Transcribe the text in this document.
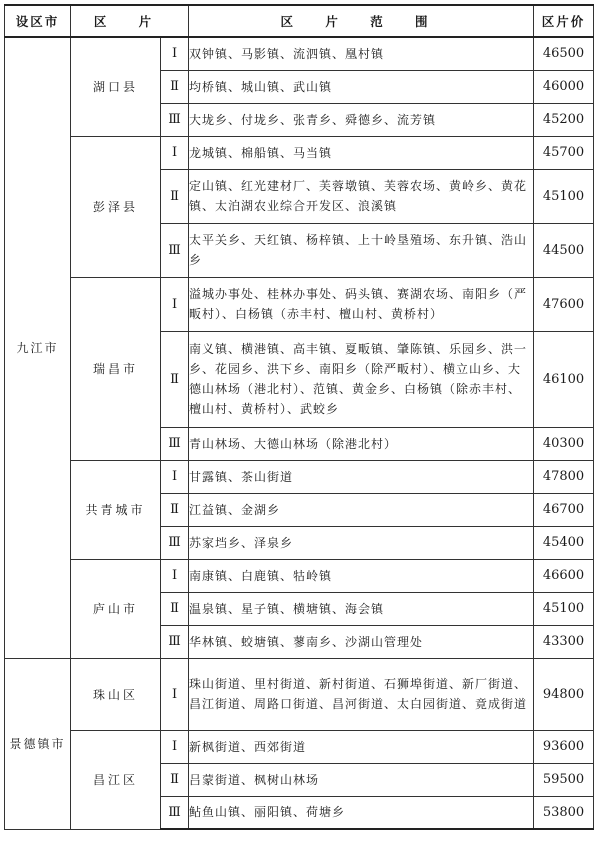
设区市	区 片		区 片 范 围	区片价
九江市	湖口县	Ⅰ	双钟镇、马影镇、流泗镇、凰村镇	46500
		Ⅱ	均桥镇、城山镇、武山镇	46000
		Ⅲ	大垅乡、付垅乡、张青乡、舜德乡、流芳镇	45200
	彭泽县	Ⅰ	龙城镇、棉船镇、马当镇	45700
		Ⅱ	定山镇、红光建材厂、芙蓉墩镇、芙蓉农场、黄岭乡、黄花镇、太泊湖农业综合开发区、浪溪镇	45100
		Ⅲ	太平关乡、天红镇、杨梓镇、上十岭垦殖场、东升镇、浩山乡	44500
	瑞昌市	Ⅰ	溢城办事处、桂林办事处、码头镇、赛湖农场、南阳乡（严畈村）、白杨镇（赤丰村、檀山村、黄桥村）	47600
		Ⅱ	南义镇、横港镇、高丰镇、夏畈镇、肇陈镇、乐园乡、洪一乡、花园乡、洪下乡、南阳乡（除严畈村）、横立山乡、大德山林场（港北村）、范镇、黄金乡、白杨镇（除赤丰村、檀山村、黄桥村）、武蛟乡	46100
		Ⅲ	青山林场、大德山林场（除港北村）	40300
	共青城市	Ⅰ	甘露镇、茶山街道	47800
		Ⅱ	江益镇、金湖乡	46700
		Ⅲ	苏家垱乡、泽泉乡	45400
	庐山市	Ⅰ	南康镇、白鹿镇、牯岭镇	46600
		Ⅱ	温泉镇、星子镇、横塘镇、海会镇	45100
		Ⅲ	华林镇、蛟塘镇、蓼南乡、沙湖山管理处	43300
景德镇市	珠山区	Ⅰ	珠山街道、里村街道、新村街道、石狮埠街道、新厂街道、昌江街道、周路口街道、昌河街道、太白园街道、竟成街道	94800
	昌江区	Ⅰ	新枫街道、西郊街道	93600
		Ⅱ	吕蒙街道、枫树山林场	59500
		Ⅲ	鲇鱼山镇、丽阳镇、荷塘乡	53800
